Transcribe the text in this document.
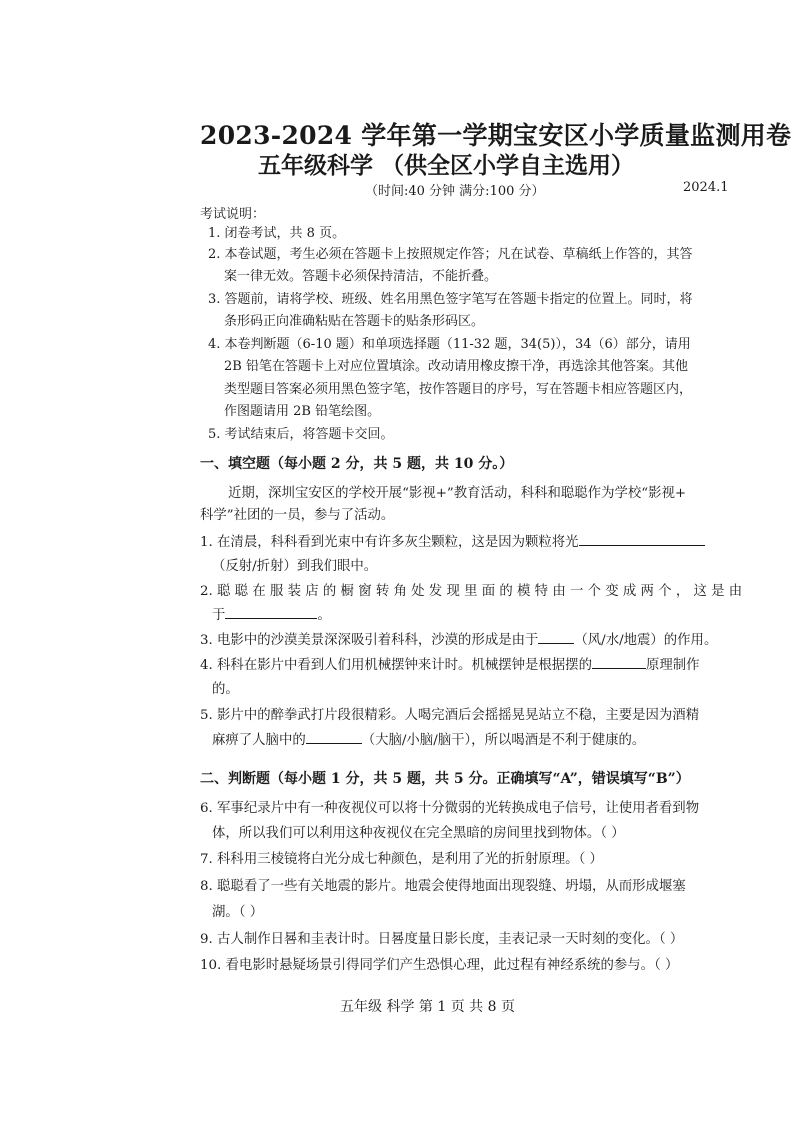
2023-2024 学年第一学期宝安区小学质量监测用卷
五年级科学 （供全区小学自主选用）
（时间:40 分钟 满分:100 分）	2024.1
考试说明：
1. 闭卷考试，共 8 页。
2. 本卷试题，考生必须在答题卡上按照规定作答；凡在试卷、草稿纸上作答的，其答
案一律无效。答题卡必须保持清洁，不能折叠。
3. 答题前，请将学校、班级、姓名用黑色签字笔写在答题卡指定的位置上。同时，将
条形码正向准确粘贴在答题卡的贴条形码区。
4. 本卷判断题（6-10 题）和单项选择题（11-32 题，34(5)），34（6）部分，请用
2B 铅笔在答题卡上对应位置填涂。改动请用橡皮擦干净，再选涂其他答案。其他
类型题目答案必须用黑色签字笔，按作答题目的序号，写在答题卡相应答题区内，
作图题请用 2B 铅笔绘图。
5. 考试结束后，将答题卡交回。
一、填空题（每小题 2 分，共 5 题，共 10 分。）
近期，深圳宝安区的学校开展“影视+”教育活动，科科和聪聪作为学校“影视+
科学”社团的一员，参与了活动。
1. 在清晨，科科看到光束中有许多灰尘颗粒，这是因为颗粒将光
（反射/折射）到我们眼中。
2. 聪 聪 在 服 装 店 的 橱 窗 转 角 处 发 现 里 面 的 模 特 由 一 个 变 成 两 个 ， 这 是 由
于	。
3. 电影中的沙漠美景深深吸引着科科，沙漠的形成是由于	（风/水/地震）的作用。
4. 科科在影片中看到人们用机械摆钟来计时。机械摆钟是根据摆的	原理制作
的。
5. 影片中的醉拳武打片段很精彩。人喝完酒后会摇摇晃晃站立不稳，主要是因为酒精
麻痹了人脑中的	（大脑/小脑/脑干），所以喝酒是不利于健康的。
二、判断题（每小题 1 分，共 5 题，共 5 分。正确填写“A”，错误填写“B”）
6. 军事纪录片中有一种夜视仪可以将十分微弱的光转换成电子信号，让使用者看到物
体，所以我们可以利用这种夜视仪在完全黑暗的房间里找到物体。（ ）
7. 科科用三棱镜将白光分成七种颜色，是利用了光的折射原理。（ ）
8. 聪聪看了一些有关地震的影片。地震会使得地面出现裂缝、坍塌，从而形成堰塞
湖。（ ）
9. 古人制作日晷和圭表计时。日晷度量日影长度，圭表记录一天时刻的变化。（ ）
10. 看电影时悬疑场景引得同学们产生恐惧心理，此过程有神经系统的参与。（ ）
五年级 科学 第 1 页 共 8 页
